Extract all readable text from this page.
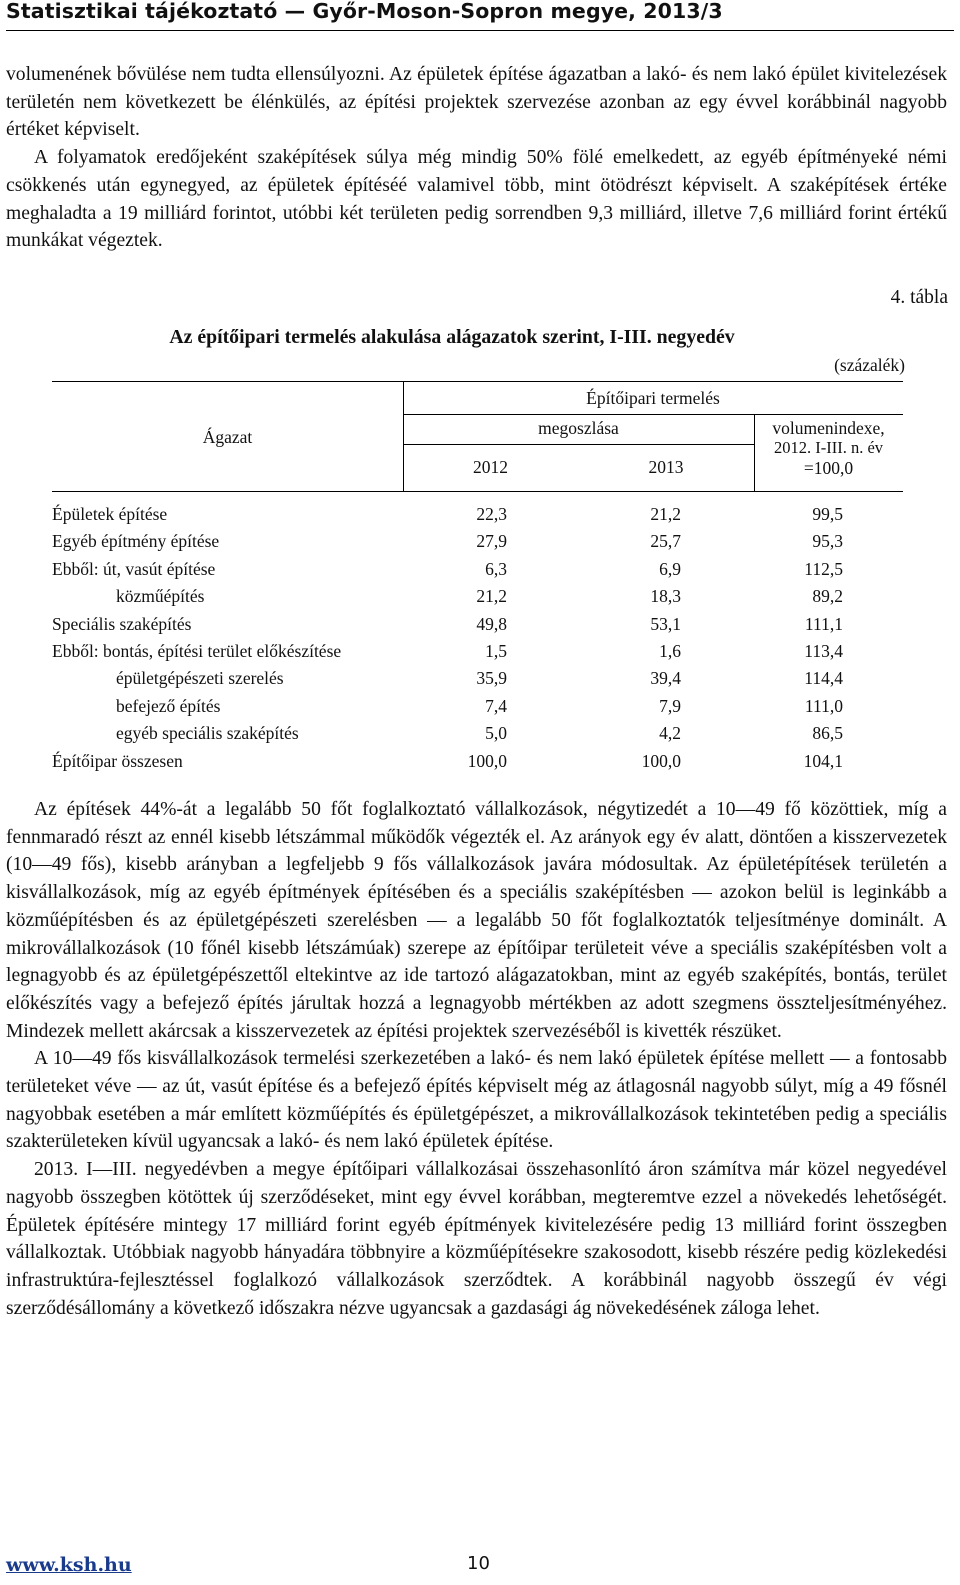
Statisztikai tájékoztató — Győr-Moson-Sopron megye, 2013/3

volumenének bővülése nem tudta ellensúlyozni. Az épületek építése ágazatban a lakó- és nem lakó épület kivitelezések területén nem következett be élénkülés, az építési projektek szervezése azonban az egy évvel korábbinál nagyobb értéket képviselt.

A folyamatok eredőjeként szaképítések súlya még mindig 50% fölé emelkedett, az egyéb építményeké némi csökkenés után egynegyed, az épületek építéséé valamivel több, mint ötödrészt képviselt. A szaképítések értéke meghaladta a 19 milliárd forintot, utóbbi két területen pedig sorrendben 9,3 milliárd, illetve 7,6 milliárd forint értékű munkákat végeztek.

4. tábla
Az építőipari termelés alakulása alágazatok szerint, I-III. negyedév
(százalék)
Ágazat
Építőipari termelés
megoszlása
2012	2013
volumenindexe,
2012. I-III. n. év
=100,0
Épületek építése	22,3	21,2	99,5
Egyéb építmény építése	27,9	25,7	95,3
Ebből: út, vasút építése	6,3	6,9	112,5
közműépítés	21,2	18,3	89,2
Speciális szaképítés	49,8	53,1	111,1
Ebből: bontás, építési terület előkészítése	1,5	1,6	113,4
épületgépészeti szerelés	35,9	39,4	114,4
befejező építés	7,4	7,9	111,0
egyéb speciális szaképítés	5,0	4,2	86,5
Építőipar összesen	100,0	100,0	104,1

Az építések 44%-át a legalább 50 főt foglalkoztató vállalkozások, négytizedét a 10—49 fő közöttiek, míg a fennmaradó részt az ennél kisebb létszámmal működők végezték el. Az arányok egy év alatt, döntően a kisszervezetek (10—49 fős), kisebb arányban a legfeljebb 9 fős vállalkozások javára módosultak. Az épületépítések területén a kisvállalkozások, míg az egyéb építmények építésében és a speciális szaképítésben — azokon belül is leginkább a közműépítésben és az épületgépészeti szerelésben — a legalább 50 főt foglalkoztatók teljesítménye dominált. A mikrovállalkozások (10 főnél kisebb létszámúak) szerepe az építőipar területeit véve a speciális szaképítésben volt a legnagyobb és az épületgépészettől eltekintve az ide tartozó alágazatokban, mint az egyéb szaképítés, bontás, terület előkészítés vagy a befejező építés járultak hozzá a legnagyobb mértékben az adott szegmens összteljesítményéhez. Mindezek mellett akárcsak a kisszervezetek az építési projektek szervezéséből is kivették részüket.

A 10—49 fős kisvállalkozások termelési szerkezetében a lakó- és nem lakó épületek építése mellett — a fontosabb területeket véve — az út, vasút építése és a befejező építés képviselt még az átlagosnál nagyobb súlyt, míg a 49 fősnél nagyobbak esetében a már említett közműépítés és épületgépészet, a mikrovállalkozások tekintetében pedig a speciális szakterületeken kívül ugyancsak a lakó- és nem lakó épületek építése.

2013. I—III. negyedévben a megye építőipari vállalkozásai összehasonlító áron számítva már közel negyedével nagyobb összegben kötöttek új szerződéseket, mint egy évvel korábban, megteremtve ezzel a növekedés lehetőségét. Épületek építésére mintegy 17 milliárd forint egyéb építmények kivitelezésére pedig 13 milliárd forint összegben vállalkoztak. Utóbbiak nagyobb hányadára többnyire a közműépítésekre szakosodott, kisebb részére pedig közlekedési infrastruktúra-fejlesztéssel foglalkozó vállalkozások szerződtek. A korábbinál nagyobb összegű év végi szerződésállomány a következő időszakra nézve ugyancsak a gazdasági ág növekedésének záloga lehet.

www.ksh.hu	10
